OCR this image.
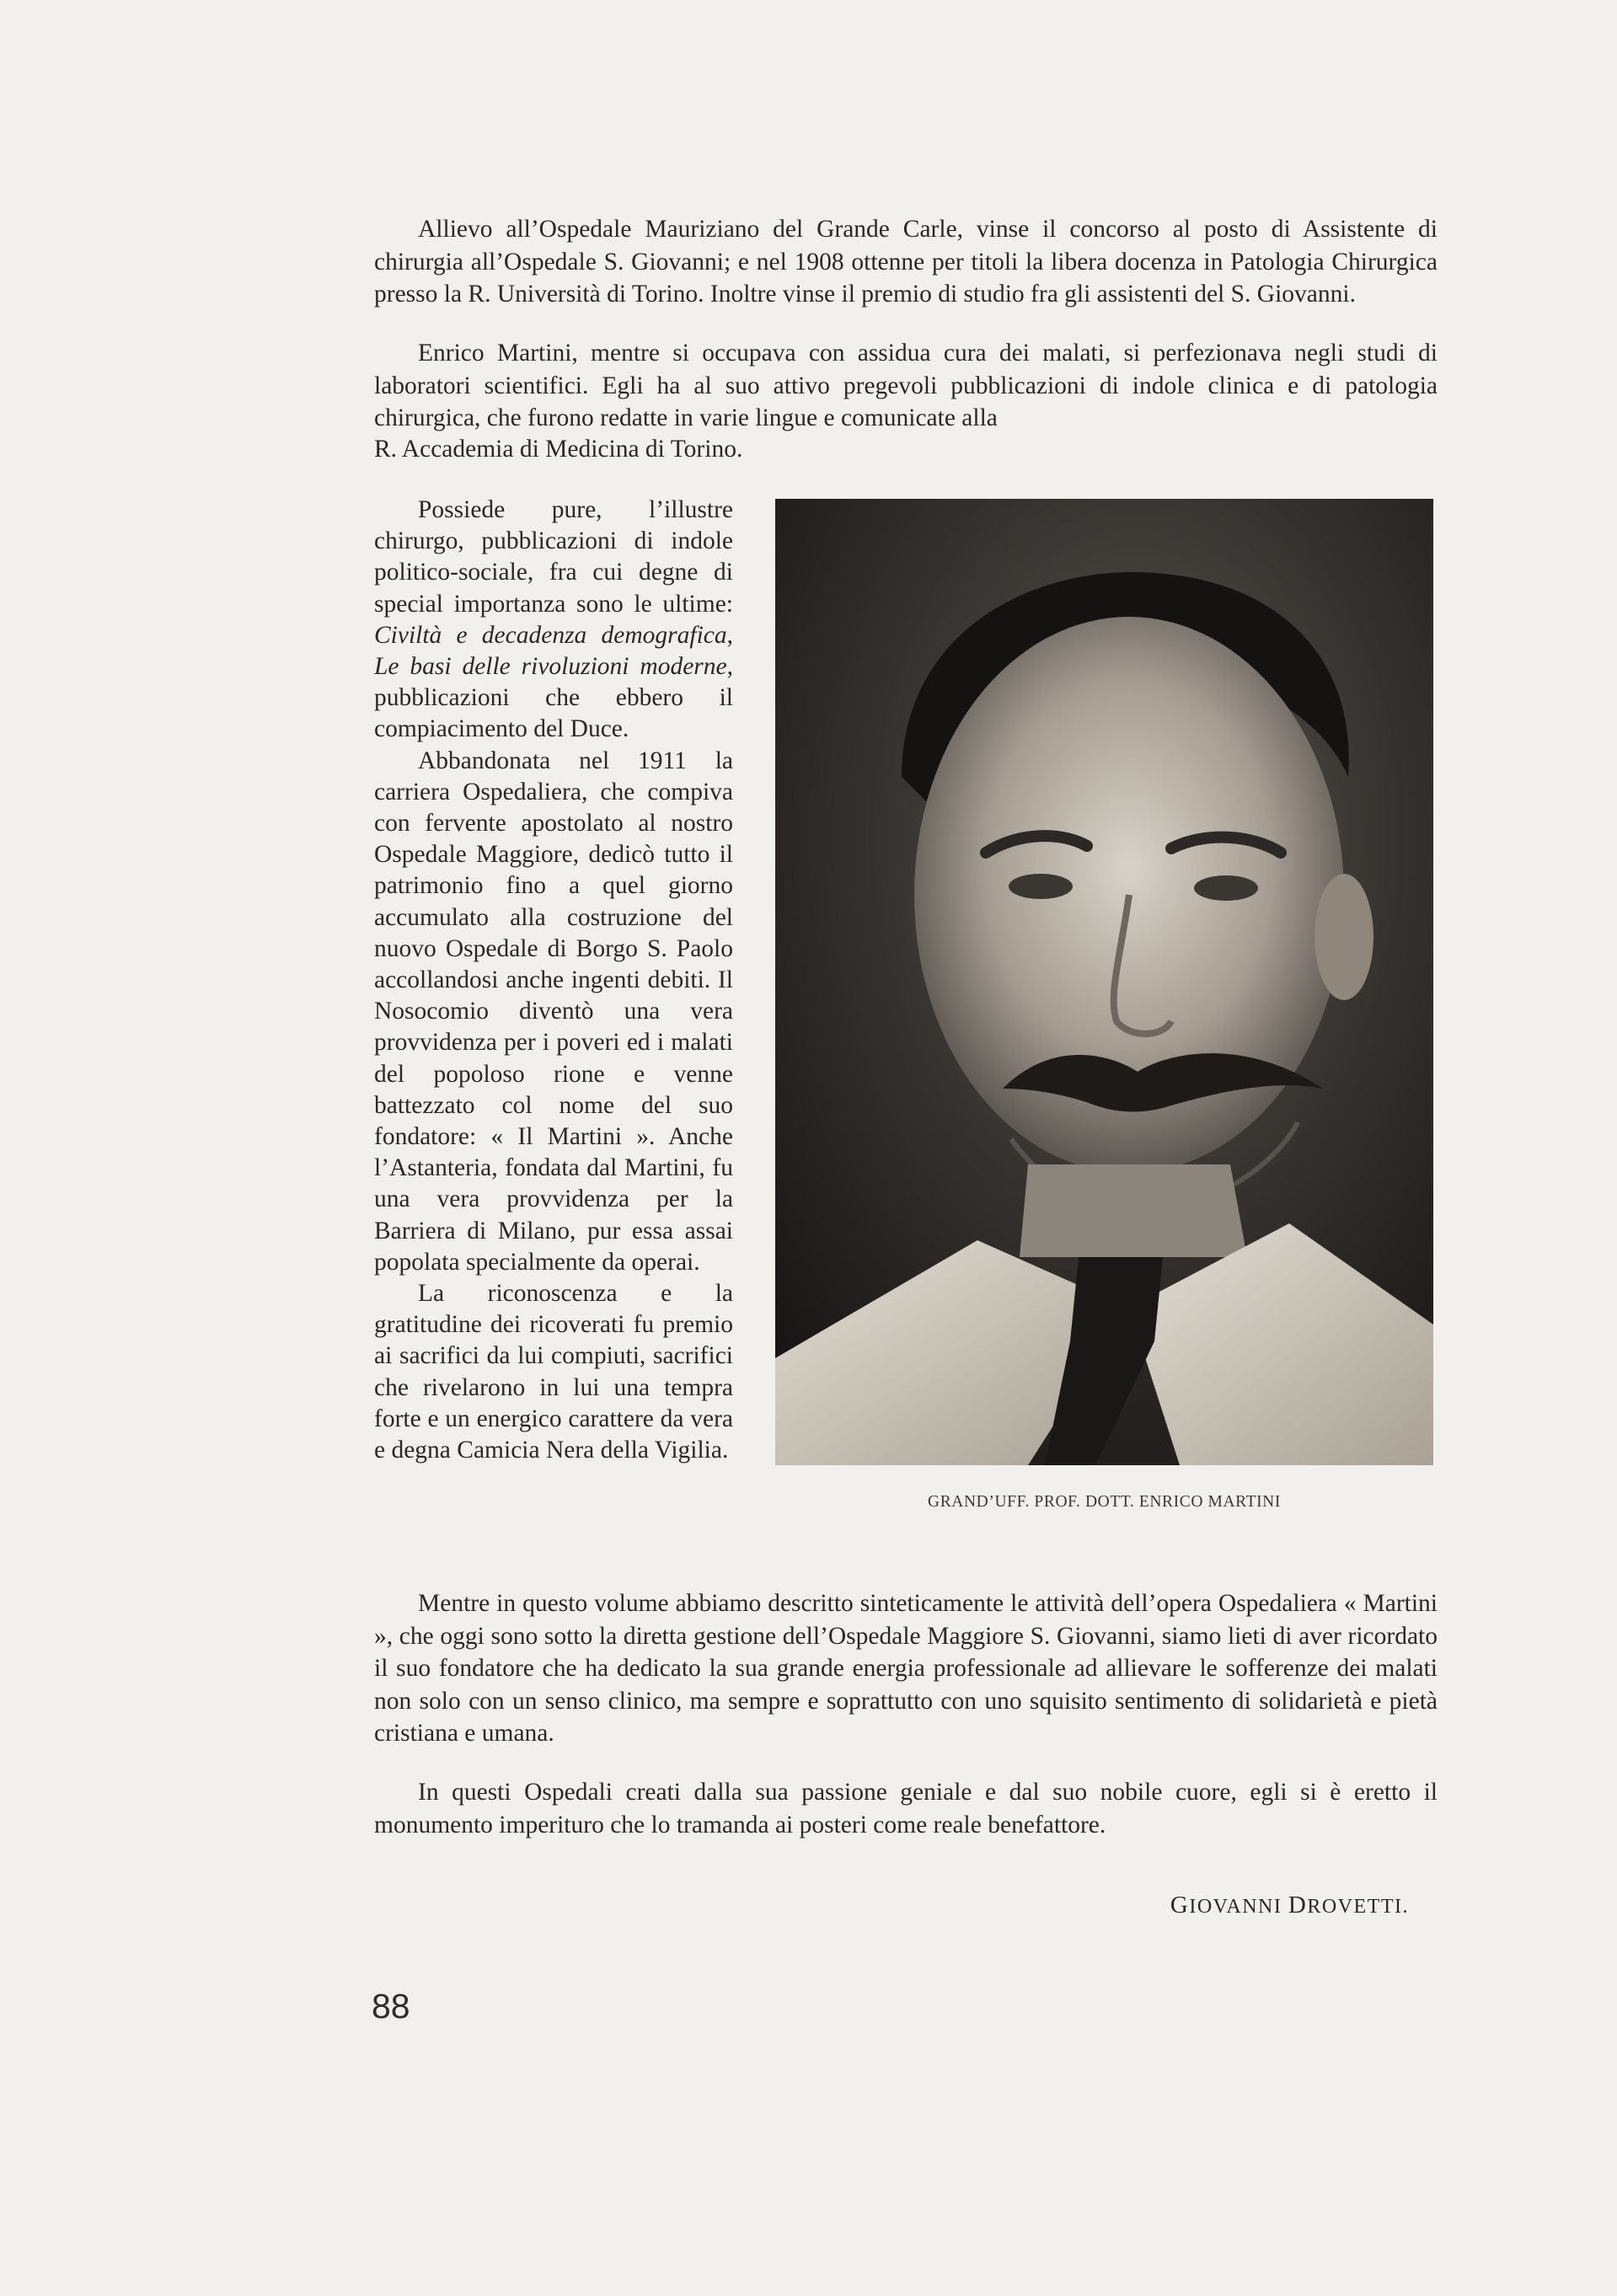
Allievo all’Ospedale Mauriziano del Grande Carle, vinse il concorso al posto di Assistente di chirurgia all’Ospedale S. Giovanni; e nel 1908 ottenne per titoli la libera docenza in Patologia Chirurgica presso la R. Università di Torino. Inoltre vinse il premio di studio fra gli assistenti del S. Giovanni.

Enrico Martini, mentre si occupava con assidua cura dei malati, si perfezionava negli studi di laboratori scientifici. Egli ha al suo attivo pregevoli pubblicazioni di indole clinica e di patologia chirurgica, che furono redatte in varie lingue e comunicate alla

R. Accademia di Medicina di Torino.

Possiede pure, l’illustre chirurgo, pubblicazioni di indole politico-sociale, fra cui degne di special importanza sono le ultime: Civiltà e decadenza demografica, Le basi delle rivoluzioni moderne, pubblicazioni che ebbero il compiacimento del Duce.

Abbandonata nel 1911 la carriera Ospedaliera, che compiva con fervente apostolato al nostro Ospedale Maggiore, dedicò tutto il patrimonio fino a quel giorno accumulato alla costruzione del nuovo Ospedale di Borgo S. Paolo accollandosi anche ingenti debiti. Il Nosocomio diventò una vera provvidenza per i poveri ed i malati del popoloso rione e venne battezzato col nome del suo fondatore: « Il Martini ». Anche l’Astanteria, fondata dal Martini, fu una vera provvidenza per la Barriera di Milano, pur essa assai popolata specialmente da operai.

La riconoscenza e la gratitudine dei ricoverati fu premio ai sacrifici da lui compiuti, sacrifici che rivelarono in lui una tempra forte e un energico carattere da vera e degna Camicia Nera della Vigilia.

GRAND’UFF. PROF. DOTT. ENRICO MARTINI

Mentre in questo volume abbiamo descritto sinteticamente le attività dell’opera Ospedaliera « Martini », che oggi sono sotto la diretta gestione dell’Ospedale Maggiore S. Giovanni, siamo lieti di aver ricordato il suo fondatore che ha dedicato la sua grande energia professionale ad allievare le sofferenze dei malati non solo con un senso clinico, ma sempre e soprattutto con uno squisito sentimento di solidarietà e pietà cristiana e umana.

In questi Ospedali creati dalla sua passione geniale e dal suo nobile cuore, egli si è eretto il monumento imperituro che lo tramanda ai posteri come reale benefattore.

GIOVANNI DROVETTI.
88
